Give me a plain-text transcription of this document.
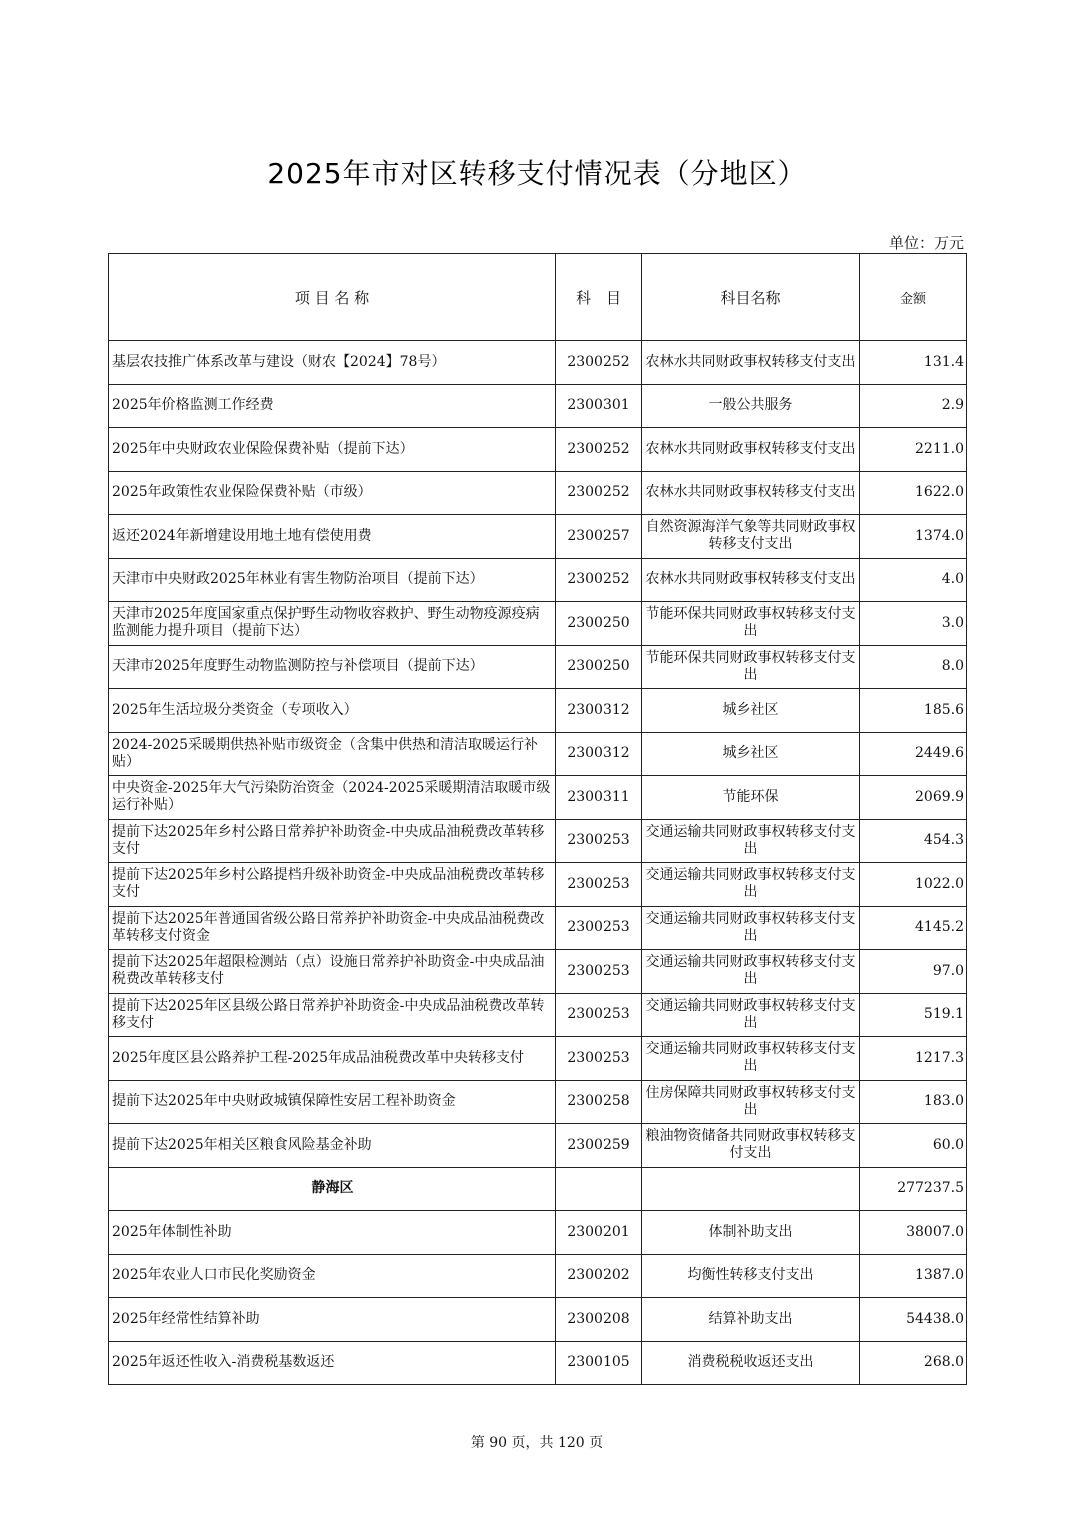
2025年市对区转移支付情况表（分地区）
单位：万元
项 目 名 称	科　目	科目名称	金额
基层农技推广体系改革与建设（财农【2024】78号）	2300252	农林水共同财政事权转移支付支出	131.4
2025年价格监测工作经费	2300301	一般公共服务	2.9
2025年中央财政农业保险保费补贴（提前下达）	2300252	农林水共同财政事权转移支付支出	2211.0
2025年政策性农业保险保费补贴（市级）	2300252	农林水共同财政事权转移支付支出	1622.0
返还2024年新增建设用地土地有偿使用费	2300257	自然资源海洋气象等共同财政事权转移支付支出	1374.0
天津市中央财政2025年林业有害生物防治项目（提前下达）	2300252	农林水共同财政事权转移支付支出	4.0
天津市2025年度国家重点保护野生动物收容救护、野生动物疫源疫病监测能力提升项目（提前下达）	2300250	节能环保共同财政事权转移支付支出	3.0
天津市2025年度野生动物监测防控与补偿项目（提前下达）	2300250	节能环保共同财政事权转移支付支出	8.0
2025年生活垃圾分类资金（专项收入）	2300312	城乡社区	185.6
2024-2025采暖期供热补贴市级资金（含集中供热和清洁取暖运行补贴）	2300312	城乡社区	2449.6
中央资金-2025年大气污染防治资金（2024-2025采暖期清洁取暖市级运行补贴）	2300311	节能环保	2069.9
提前下达2025年乡村公路日常养护补助资金-中央成品油税费改革转移支付	2300253	交通运输共同财政事权转移支付支出	454.3
提前下达2025年乡村公路提档升级补助资金-中央成品油税费改革转移支付	2300253	交通运输共同财政事权转移支付支出	1022.0
提前下达2025年普通国省级公路日常养护补助资金-中央成品油税费改革转移支付资金	2300253	交通运输共同财政事权转移支付支出	4145.2
提前下达2025年超限检测站（点）设施日常养护补助资金-中央成品油税费改革转移支付	2300253	交通运输共同财政事权转移支付支出	97.0
提前下达2025年区县级公路日常养护补助资金-中央成品油税费改革转移支付	2300253	交通运输共同财政事权转移支付支出	519.1
2025年度区县公路养护工程-2025年成品油税费改革中央转移支付	2300253	交通运输共同财政事权转移支付支出	1217.3
提前下达2025年中央财政城镇保障性安居工程补助资金	2300258	住房保障共同财政事权转移支付支出	183.0
提前下达2025年相关区粮食风险基金补助	2300259	粮油物资储备共同财政事权转移支付支出	60.0
静海区			277237.5
2025年体制性补助	2300201	体制补助支出	38007.0
2025年农业人口市民化奖励资金	2300202	均衡性转移支付支出	1387.0
2025年经常性结算补助	2300208	结算补助支出	54438.0
2025年返还性收入-消费税基数返还	2300105	消费税税收返还支出	268.0
第 90 页，共 120 页
